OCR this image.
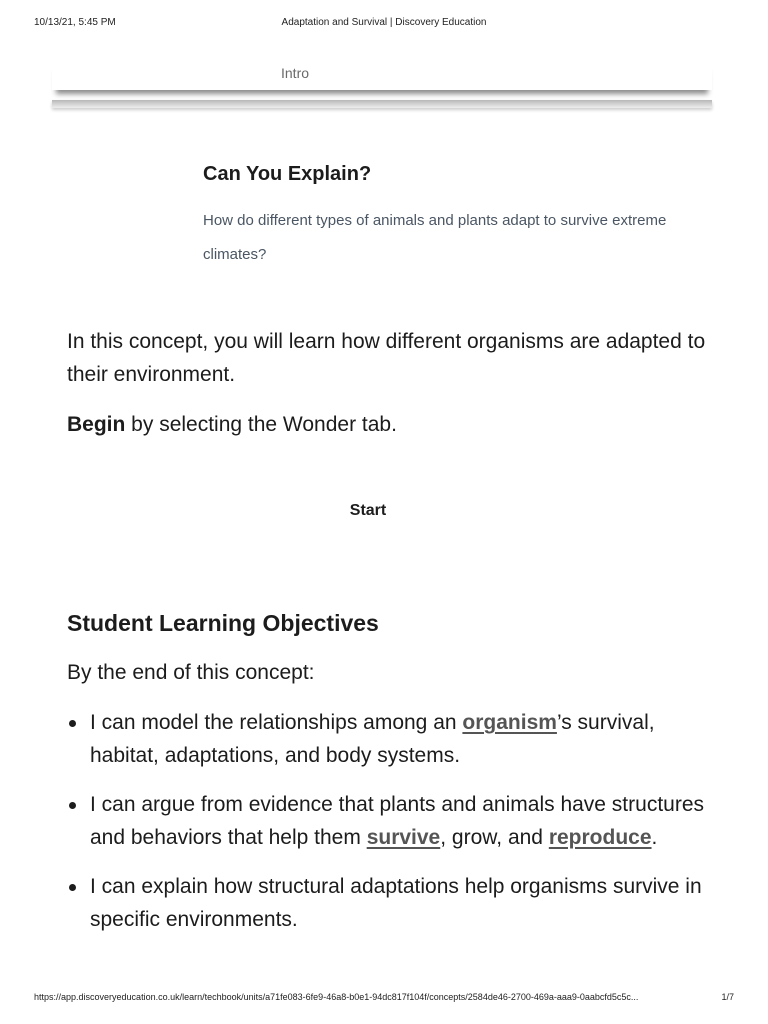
10/13/21, 5:45 PM	Adaptation and Survival | Discovery Education
Intro
Can You Explain?
How do different types of animals and plants adapt to survive extreme climates?
In this concept, you will learn how different organisms are adapted to their environment.
Begin by selecting the Wonder tab.
Start
Student Learning Objectives
By the end of this concept:
I can model the relationships among an organism’s survival, habitat, adaptations, and body systems.
I can argue from evidence that plants and animals have structures and behaviors that help them survive, grow, and reproduce.
I can explain how structural adaptations help organisms survive in specific environments.
https://app.discoveryeducation.co.uk/learn/techbook/units/a71fe083-6fe9-46a8-b0e1-94dc817f104f/concepts/2584de46-2700-469a-aaa9-0aabcfd5c5c...	1/7
